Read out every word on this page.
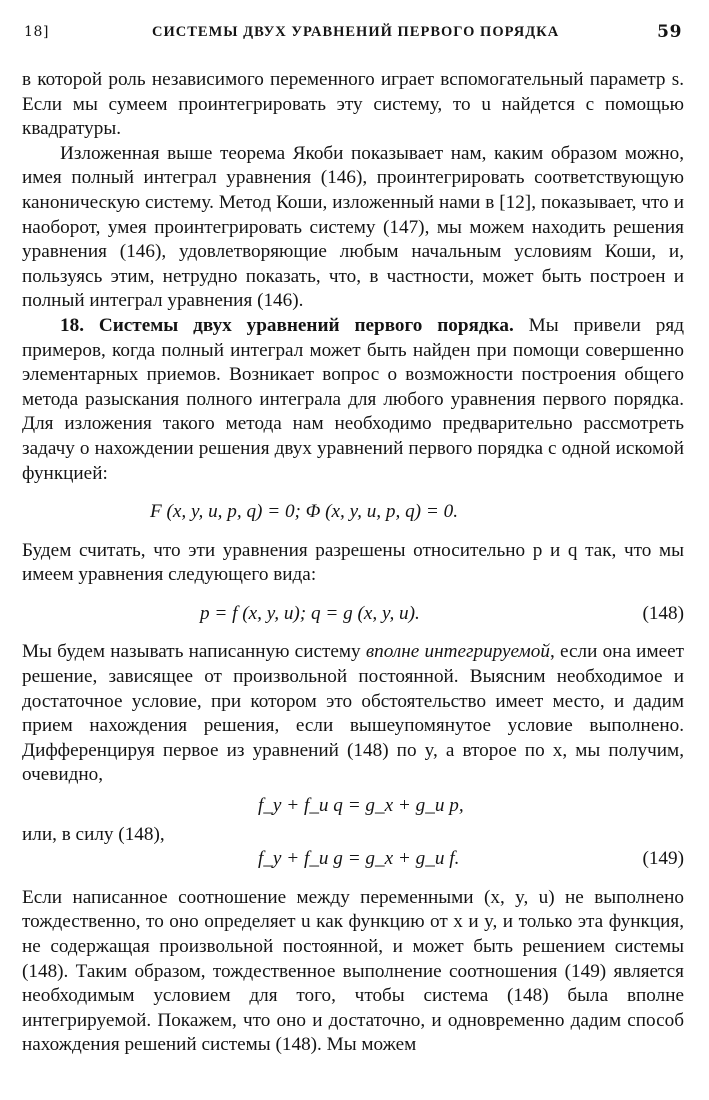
18]	СИСТЕМЫ ДВУХ УРАВНЕНИЙ ПЕРВОГО ПОРЯДКА	59

в которой роль независимого переменного играет вспомогательный параметр s. Если мы сумеем проинтегрировать эту систему, то u найдется с помощью квадратуры.

Изложенная выше теорема Якоби показывает нам, каким образом можно, имея полный интеграл уравнения (146), проинтегрировать соответствующую каноническую систему. Метод Коши, изложенный нами в [12], показывает, что и наоборот, умея проинтегрировать систему (147), мы можем находить решения уравнения (146), удовлетворяющие любым начальным условиям Коши, и, пользуясь этим, нетрудно показать, что, в частности, может быть построен и полный интеграл уравнения (146).

18. Системы двух уравнений первого порядка. Мы привели ряд примеров, когда полный интеграл может быть найден при помощи совершенно элементарных приемов. Возникает вопрос о возможности построения общего метода разыскания полного интеграла для любого уравнения первого порядка. Для изложения такого метода нам необходимо предварительно рассмотреть задачу о нахождении решения двух уравнений первого порядка с одной искомой функцией:

F (x, y, u, p, q) = 0; Φ (x, y, u, p, q) = 0.

Будем считать, что эти уравнения разрешены относительно p и q так, что мы имеем уравнения следующего вида:

p = f (x, y, u); q = g (x, y, u).	(148)

Мы будем называть написанную систему вполне интегрируемой, если она имеет решение, зависящее от произвольной постоянной. Выясним необходимое и достаточное условие, при котором это обстоятельство имеет место, и дадим прием нахождения решения, если вышеупомянутое условие выполнено. Дифференцируя первое из уравнений (148) по y, а второе по x, мы получим, очевидно,

f_y + f_u q = g_x + g_u p,

или, в силу (148),

f_y + f_u g = g_x + g_u f.	(149)

Если написанное соотношение между переменными (x, y, u) не выполнено тождественно, то оно определяет u как функцию от x и y, и только эта функция, не содержащая произвольной постоянной, и может быть решением системы (148). Таким образом, тождественное выполнение соотношения (149) является необходимым условием для того, чтобы система (148) была вполне интегрируемой. Покажем, что оно и достаточно, и одновременно дадим способ нахождения решений системы (148). Мы можем
